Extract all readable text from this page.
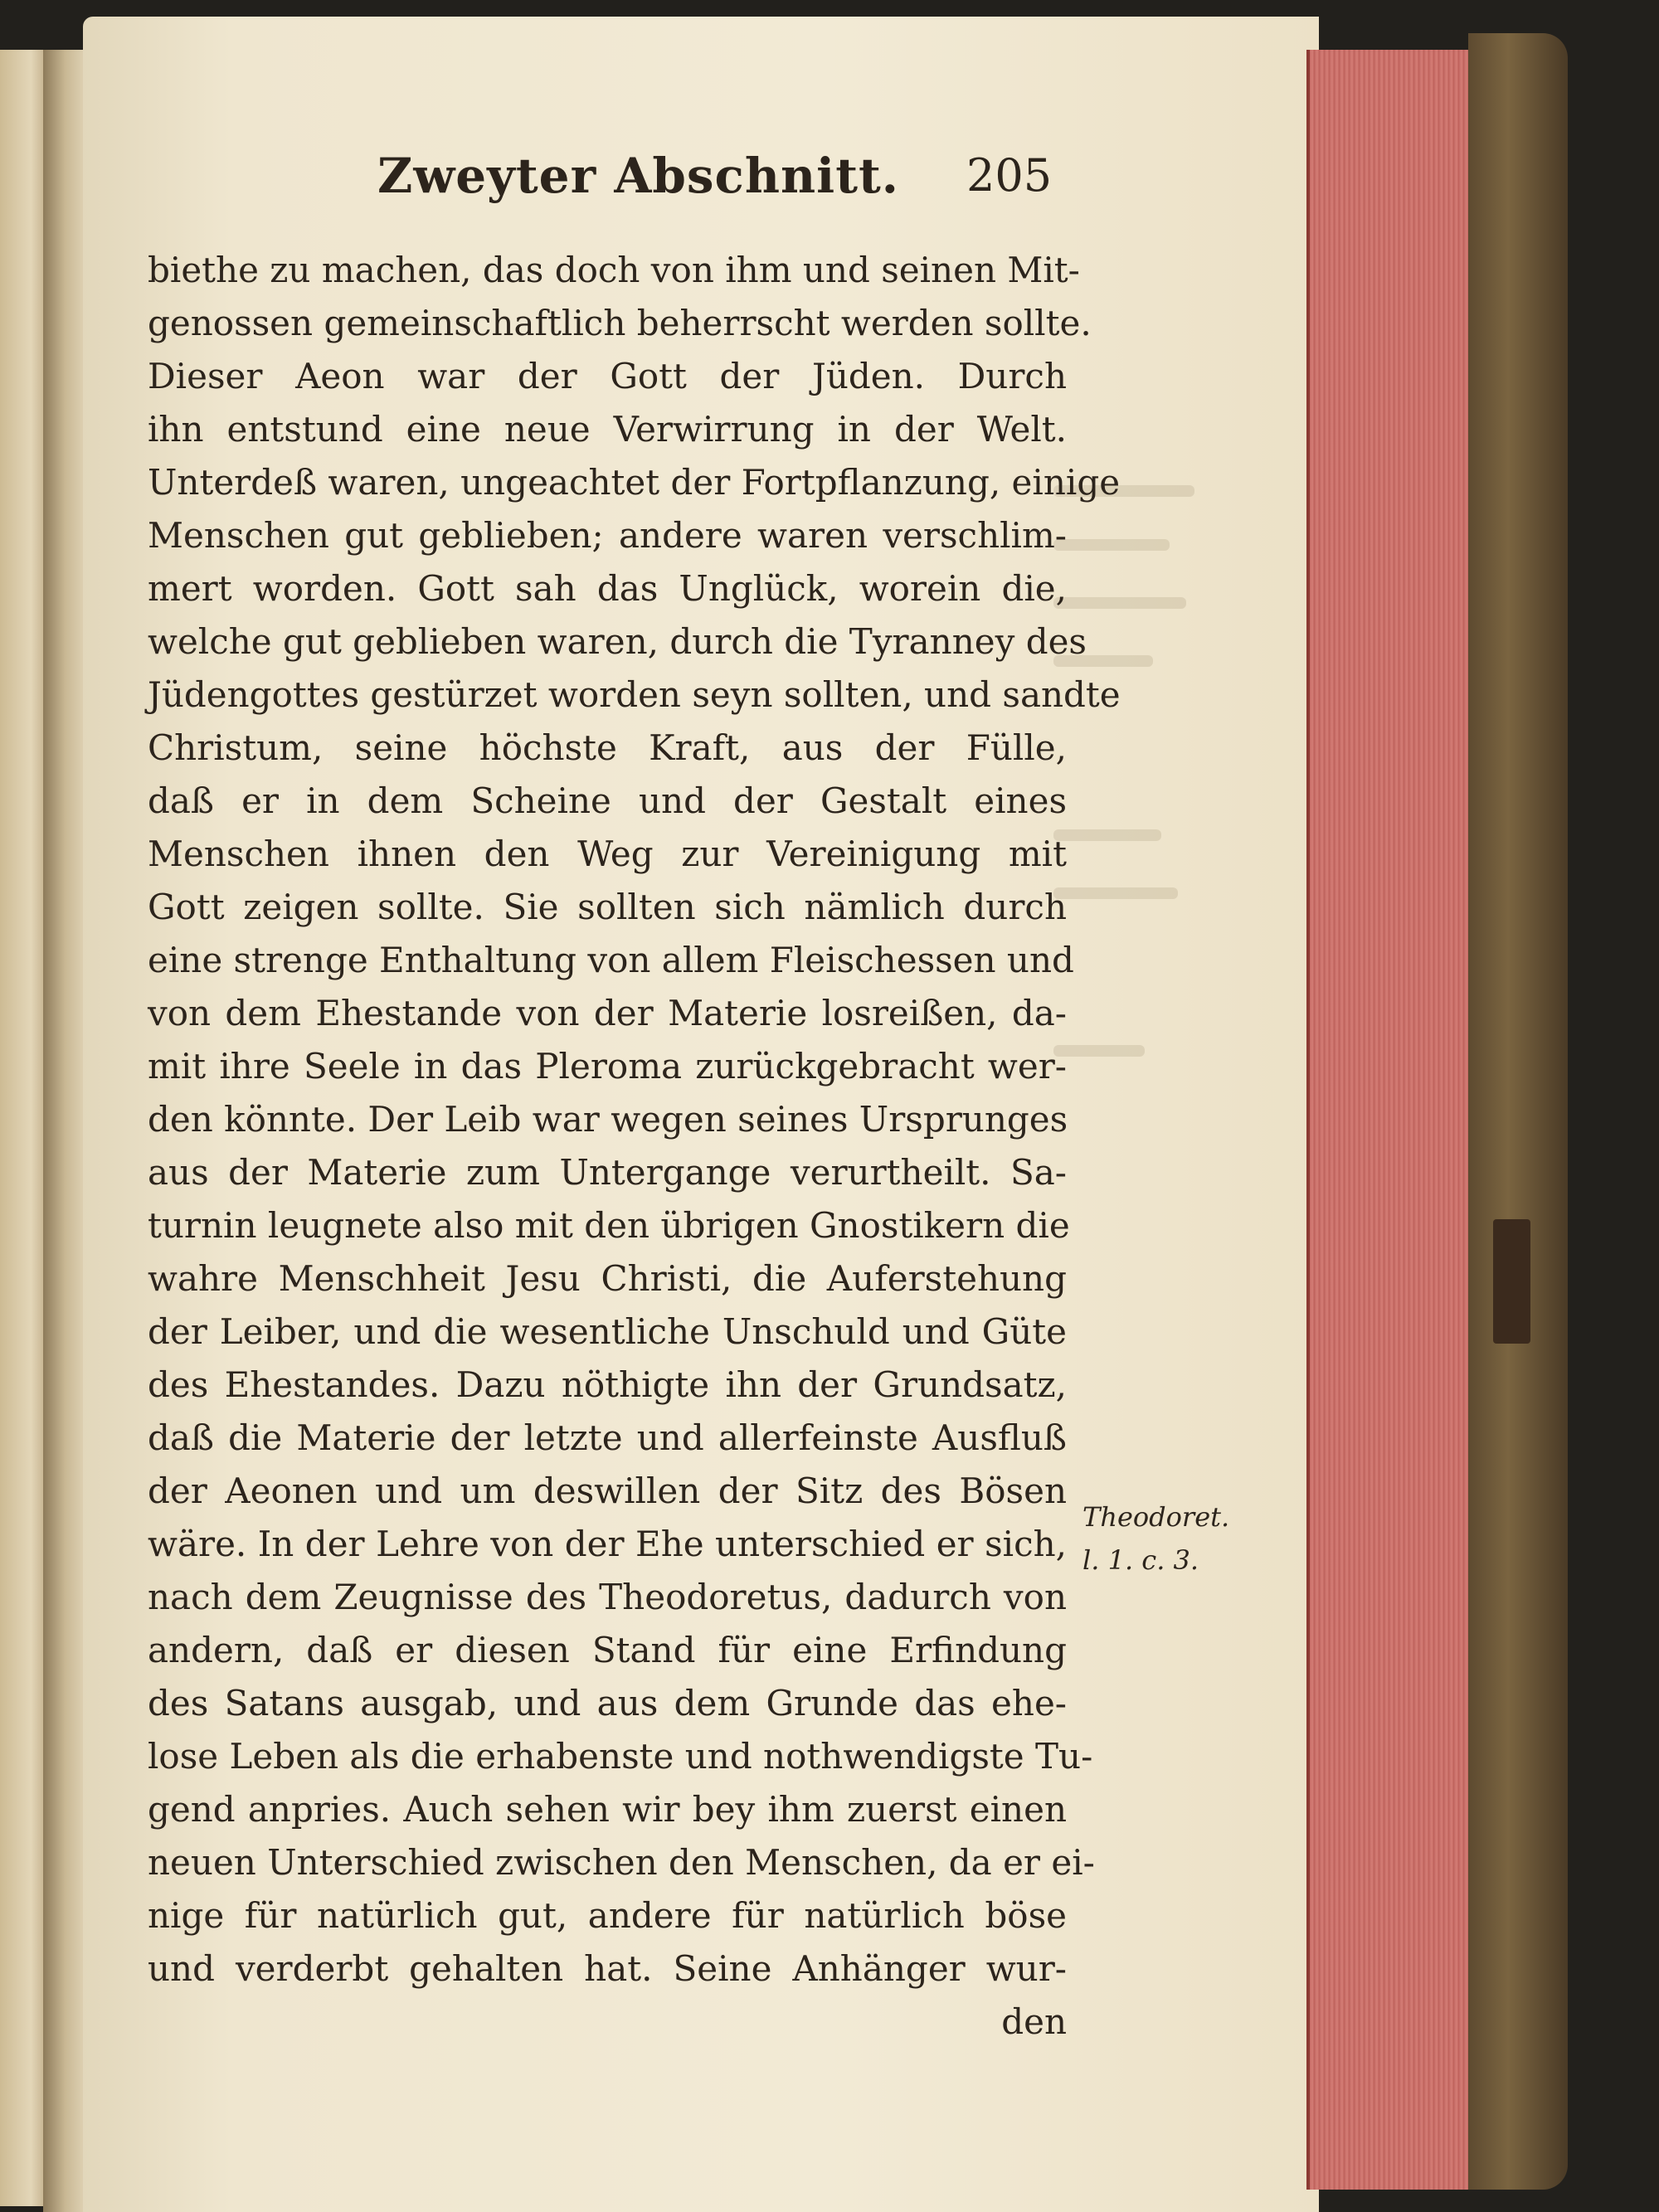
Zweyter Abschnitt. 205
biethe zu machen, das doch von ihm und seinen Mit-
genossen gemeinschaftlich beherrscht werden sollte.
Dieser Aeon war der Gott der Jüden. Durch
ihn entstund eine neue Verwirrung in der Welt.
Unterdeß waren, ungeachtet der Fortpflanzung, einige
Menschen gut geblieben; andere waren verschlim-
mert worden. Gott sah das Unglück, worein die,
welche gut geblieben waren, durch die Tyranney des
Jüdengottes gestürzet worden seyn sollten, und sandte
Christum, seine höchste Kraft, aus der Fülle,
daß er in dem Scheine und der Gestalt eines
Menschen ihnen den Weg zur Vereinigung mit
Gott zeigen sollte. Sie sollten sich nämlich durch
eine strenge Enthaltung von allem Fleischessen und
von dem Ehestande von der Materie losreißen, da-
mit ihre Seele in das Pleroma zurückgebracht wer-
den könnte. Der Leib war wegen seines Ursprunges
aus der Materie zum Untergange verurtheilt. Sa-
turnin leugnete also mit den übrigen Gnostikern die
wahre Menschheit Jesu Christi, die Auferstehung
der Leiber, und die wesentliche Unschuld und Güte
des Ehestandes. Dazu nöthigte ihn der Grundsatz,
daß die Materie der letzte und allerfeinste Ausfluß
der Aeonen und um deswillen der Sitz des Bösen
wäre. In der Lehre von der Ehe unterschied er sich,
nach dem Zeugnisse des Theodoretus, dadurch von
andern, daß er diesen Stand für eine Erfindung
des Satans ausgab, und aus dem Grunde das ehe-
lose Leben als die erhabenste und nothwendigste Tu-
gend anpries. Auch sehen wir bey ihm zuerst einen
neuen Unterschied zwischen den Menschen, da er ei-
nige für natürlich gut, andere für natürlich böse
und verderbt gehalten hat. Seine Anhänger wur-
den
Theodoret.
l. 1. c. 3.
